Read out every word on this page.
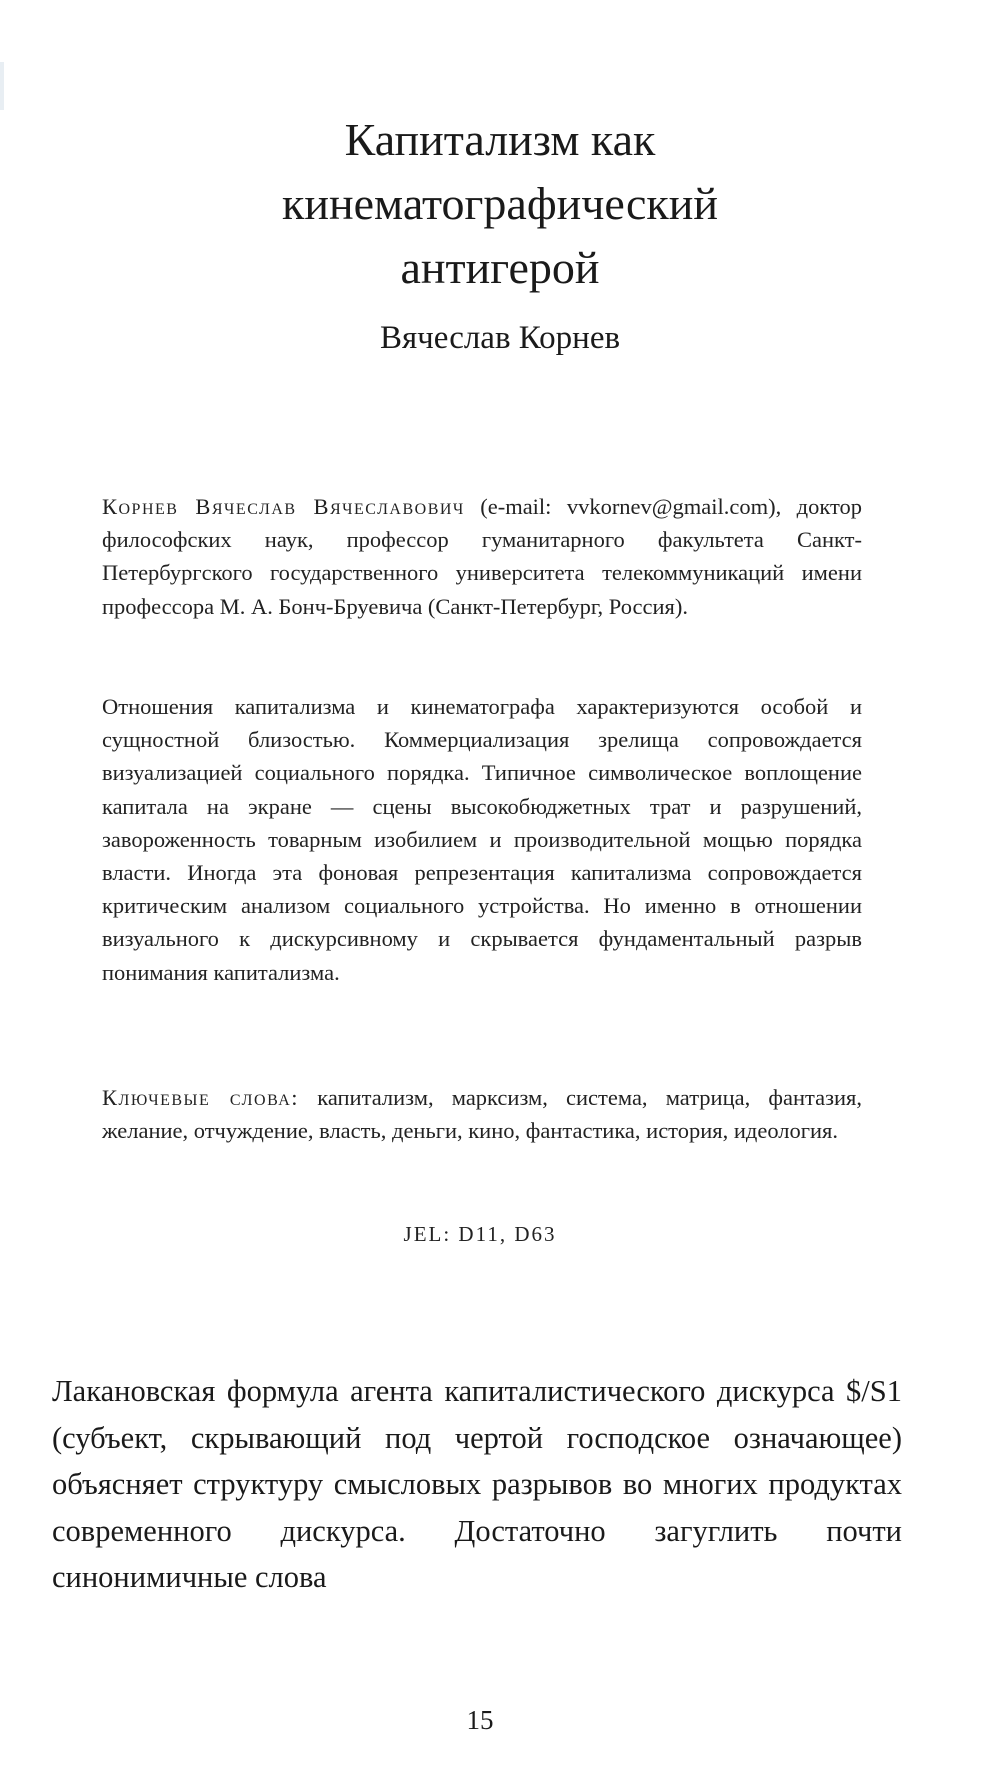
Капитализм как
кинематографический
антигерой
Вячеслав Корнев

Корнев Вячеслав Вячеславович (e-mail: vvkornev@gmail.com), доктор философских наук, профессор гуманитарного факультета Санкт-Петербургского государственного университета телекоммуникаций имени профессора М. А. Бонч-Бруевича (Санкт-Петербург, Россия).

Отношения капитализма и кинематографа характеризуются особой и сущностной близостью. Коммерциализация зрелища сопровождается визуализацией социального порядка. Типичное символическое воплощение капитала на экране — сцены высокобюджетных трат и разрушений, завороженность товарным изобилием и производительной мощью порядка власти. Иногда эта фоновая репрезентация капитализма сопровождается критическим анализом социального устройства. Но именно в отношении визуального к дискурсивному и скрывается фундаментальный разрыв понимания капитализма.

Ключевые слова: капитализм, марксизм, система, матрица, фантазия, желание, отчуждение, власть, деньги, кино, фантастика, история, идеология.

JEL: D11, D63

Лакановская формула агента капиталистического дискурса $/S1 (субъект, скрывающий под чертой господское означающее) объясняет структуру смысловых разрывов во многих продуктах современного дискурса. Достаточно загуглить почти синонимичные слова

15
